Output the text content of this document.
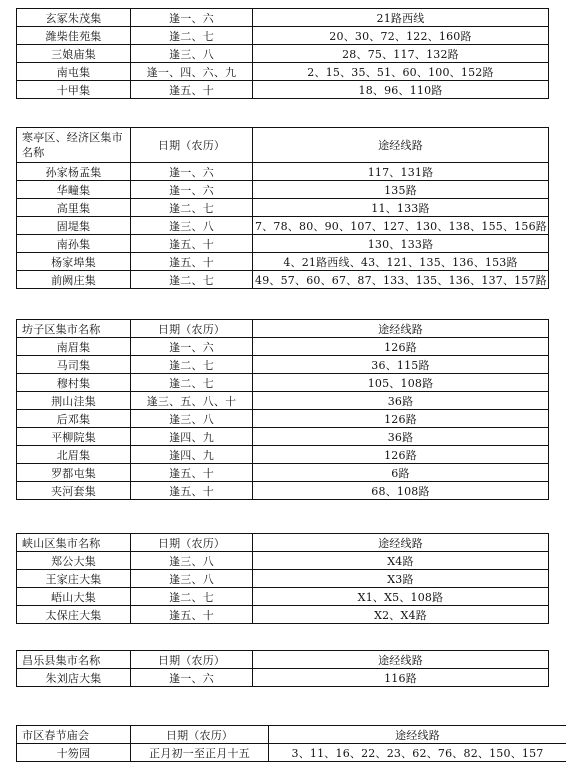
玄冢朱茂集	逢一、六	21路西线
潍柴佳苑集	逢二、七	20、30、72、122、160路
三娘庙集	逢三、八	28、75、117、132路
南屯集	逢一、四、六、九	2、15、35、51、60、100、152路
十甲集	逢五、十	18、96、110路
寒亭区、经济区集市名称	日期（农历）	途经线路
孙家杨孟集	逢一、六	117、131路
华疃集	逢一、六	135路
高里集	逢二、七	11、133路
固堤集	逢三、八	7、78、80、90、107、127、130、138、155、156路
南孙集	逢五、十	130、133路
杨家埠集	逢五、十	4、21路西线、43、121、135、136、153路
前阙庄集	逢二、七	49、57、60、67、87、133、135、136、137、157路
坊子区集市名称	日期（农历）	途经线路
南眉集	逢一、六	126路
马司集	逢二、七	36、115路
穆村集	逢二、七	105、108路
荆山洼集	逢三、五、八、十	36路
后邓集	逢三、八	126路
平柳院集	逢四、九	36路
北眉集	逢四、九	126路
罗都屯集	逢五、十	6路
夹河套集	逢五、十	68、108路
峡山区集市名称	日期（农历）	途经线路
郑公大集	逢三、八	X4路
王家庄大集	逢三、八	X3路
峿山大集	逢二、七	X1、X5、108路
太保庄大集	逢五、十	X2、X4路
昌乐县集市名称	日期（农历）	途经线路
朱刘店大集	逢一、六	116路
市区春节庙会	日期（农历）	途经线路
十笏园	正月初一至正月十五	3、11、16、22、23、62、76、82、150、157
